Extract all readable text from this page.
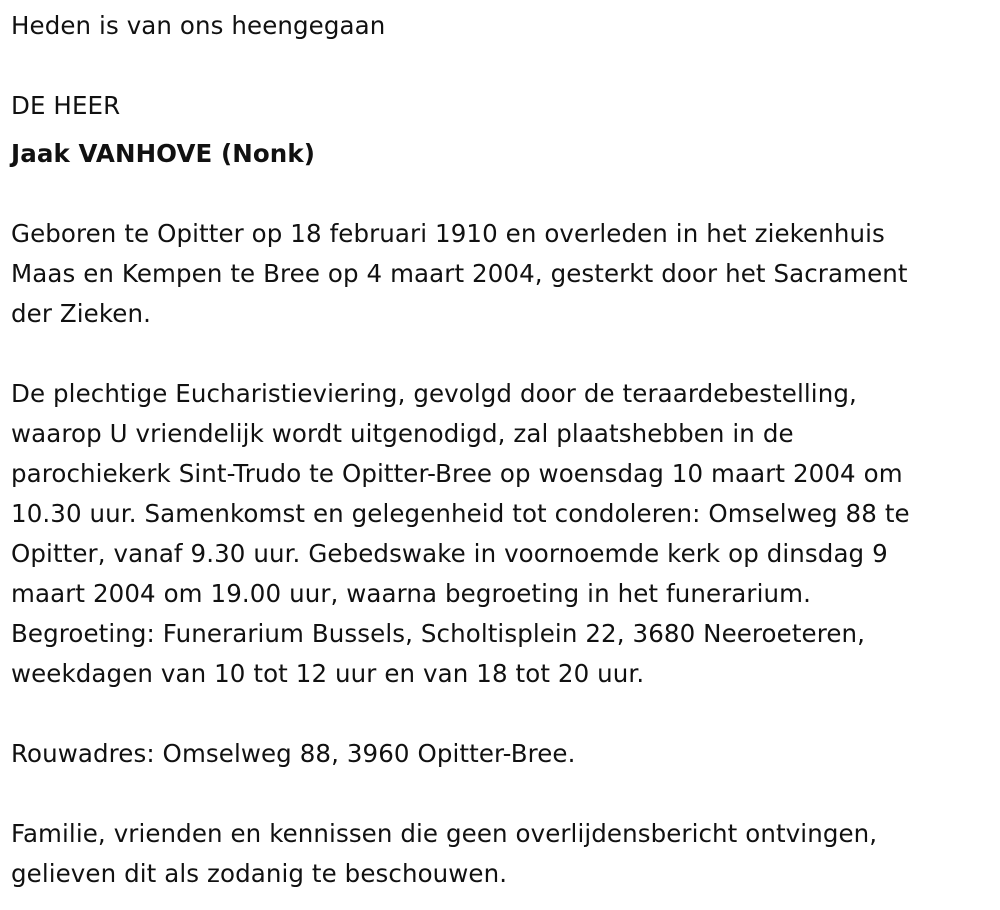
Heden is van ons heengegaan
DE HEER
Jaak VANHOVE (Nonk)
Geboren te Opitter op 18 februari 1910 en overleden in het ziekenhuis
Maas en Kempen te Bree op 4 maart 2004, gesterkt door het Sacrament
der Zieken.
De plechtige Eucharistieviering, gevolgd door de teraardebestelling,
waarop U vriendelijk wordt uitgenodigd, zal plaatshebben in de
parochiekerk Sint-Trudo te Opitter-Bree op woensdag 10 maart 2004 om
10.30 uur. Samenkomst en gelegenheid tot condoleren: Omselweg 88 te
Opitter, vanaf 9.30 uur. Gebedswake in voornoemde kerk op dinsdag 9
maart 2004 om 19.00 uur, waarna begroeting in het funerarium.
Begroeting: Funerarium Bussels, Scholtisplein 22, 3680 Neeroeteren,
weekdagen van 10 tot 12 uur en van 18 tot 20 uur.
Rouwadres: Omselweg 88, 3960 Opitter-Bree.
Familie, vrienden en kennissen die geen overlijdensbericht ontvingen,
gelieven dit als zodanig te beschouwen.
